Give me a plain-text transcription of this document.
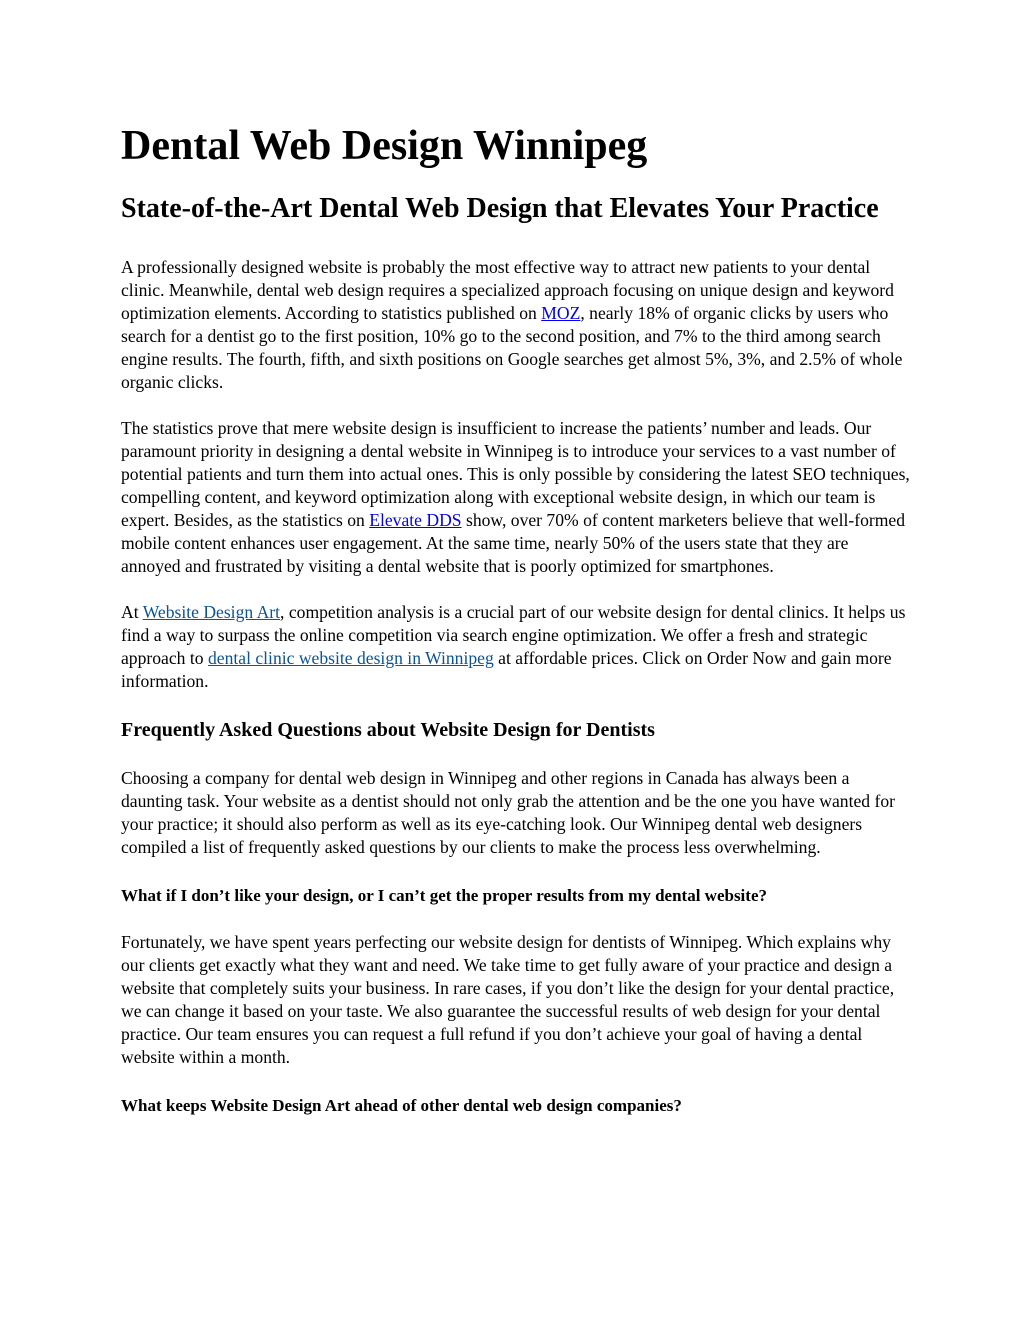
Dental Web Design Winnipeg
State-of-the-Art Dental Web Design that Elevates Your Practice

A professionally designed website is probably the most effective way to attract new patients to your dental clinic. Meanwhile, dental web design requires a specialized approach focusing on unique design and keyword optimization elements. According to statistics published on MOZ, nearly 18% of organic clicks by users who search for a dentist go to the first position, 10% go to the second position, and 7% to the third among search engine results. The fourth, fifth, and sixth positions on Google searches get almost 5%, 3%, and 2.5% of whole organic clicks.

The statistics prove that mere website design is insufficient to increase the patients’ number and leads. Our paramount priority in designing a dental website in Winnipeg is to introduce your services to a vast number of potential patients and turn them into actual ones. This is only possible by considering the latest SEO techniques, compelling content, and keyword optimization along with exceptional website design, in which our team is expert. Besides, as the statistics on Elevate DDS show, over 70% of content marketers believe that well-formed mobile content enhances user engagement. At the same time, nearly 50% of the users state that they are annoyed and frustrated by visiting a dental website that is poorly optimized for smartphones.

At Website Design Art, competition analysis is a crucial part of our website design for dental clinics. It helps us find a way to surpass the online competition via search engine optimization. We offer a fresh and strategic approach to dental clinic website design in Winnipeg at affordable prices. Click on Order Now and gain more information.

Frequently Asked Questions about Website Design for Dentists

Choosing a company for dental web design in Winnipeg and other regions in Canada has always been a daunting task. Your website as a dentist should not only grab the attention and be the one you have wanted for your practice; it should also perform as well as its eye-catching look. Our Winnipeg dental web designers compiled a list of frequently asked questions by our clients to make the process less overwhelming.

What if I don’t like your design, or I can’t get the proper results from my dental website?

Fortunately, we have spent years perfecting our website design for dentists of Winnipeg. Which explains why our clients get exactly what they want and need. We take time to get fully aware of your practice and design a website that completely suits your business. In rare cases, if you don’t like the design for your dental practice, we can change it based on your taste. We also guarantee the successful results of web design for your dental practice. Our team ensures you can request a full refund if you don’t achieve your goal of having a dental website within a month.

What keeps Website Design Art ahead of other dental web design companies?
